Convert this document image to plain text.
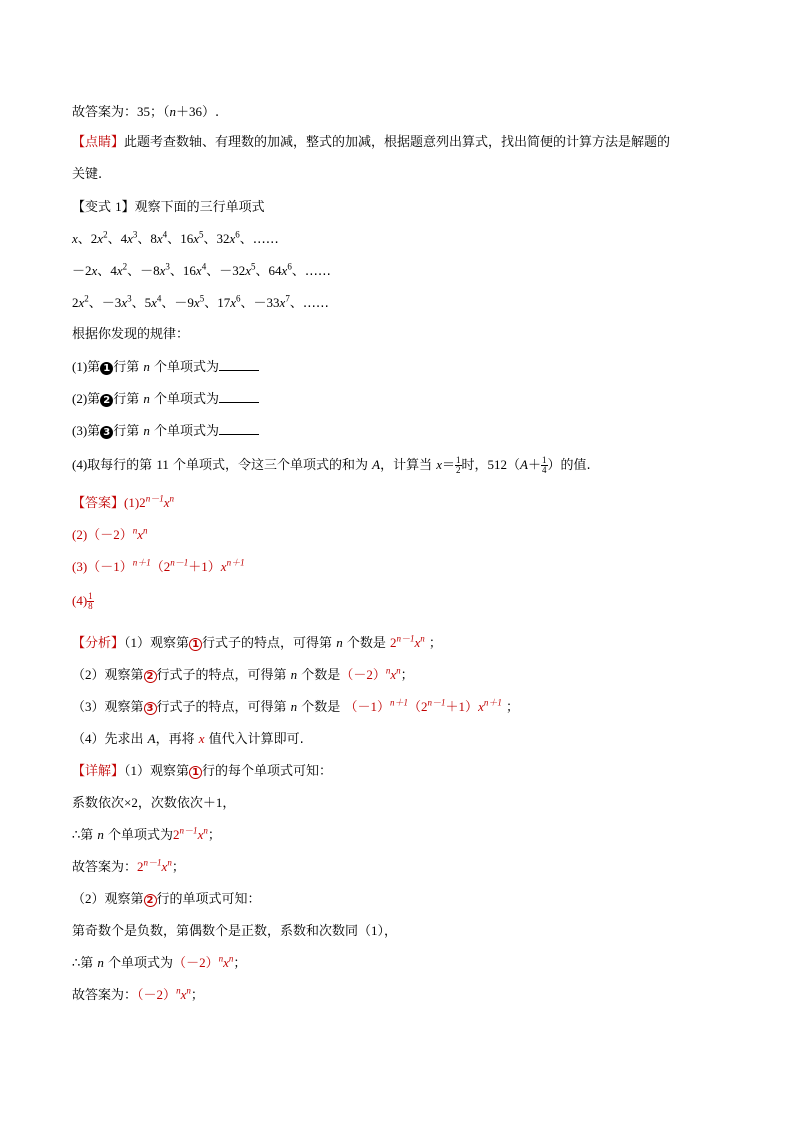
故答案为：35；（n＋36）.
【点睛】此题考查数轴、有理数的加减，整式的加减，根据题意列出算式，找出简便的计算方法是解题的
关键.
【变式 1】观察下面的三行单项式
x、$2x^2$、$4x^3$、$8x^4$、$16x^5$、$32x^6$、……
－2x、$4x^2$、$-8x^3$、$16x^4$、$-32x^5$、$64x^6$、……
$2x^2$、$-3x^3$、$5x^4$、$-9x^5$、$17x^6$、$-33x^7$、……
根据你发现的规律：
(1)第 1 行第 n 个单项式为
(2)第 2 行第 n 个单项式为
(3)第 3 行第 n 个单项式为
(4)取每行的第 11 个单项式，令这三个单项式的和为 A，计算当 $x= \frac{1}{2}$ 时，$512(A+ \frac{1}{4}$ ）的值.
【答案】$(1)2^{n-1}x^n$
$(2)(-2)^nx^n$
$(3)(-1)^{n+1}(2^{n-1}+1)x^{n+1}$
$(4) \frac{1}{8}$
【分析】（1）观察第 1 行式子的特点，可得第 n 个数是 $2^{n-1}x^n$ ；
（2）观察第 2 行式子的特点，可得第 n 个数是$(-2)^nx^n$；
（3）观察第 3 行式子的特点，可得第 n 个数是 $(-1)^{n+1}(2^{n-1}+1)x^{n+1}$ ；
（4）先求出 A，再将 x 值代入计算即可.
【详解】（1）观察第 1 行的每个单项式可知：
系数依次×2，次数依次＋1，
∴第 n 个单项式为$2^{n-1}x^n$；
故答案为：$2^{n-1}x^n$；
（2）观察第 2 行的单项式可知：
第奇数个是负数，第偶数个是正数，系数和次数同（1），
∴第 n 个单项式为$(-2)^nx^n$；
故答案为：$(-2)^nx^n$；
